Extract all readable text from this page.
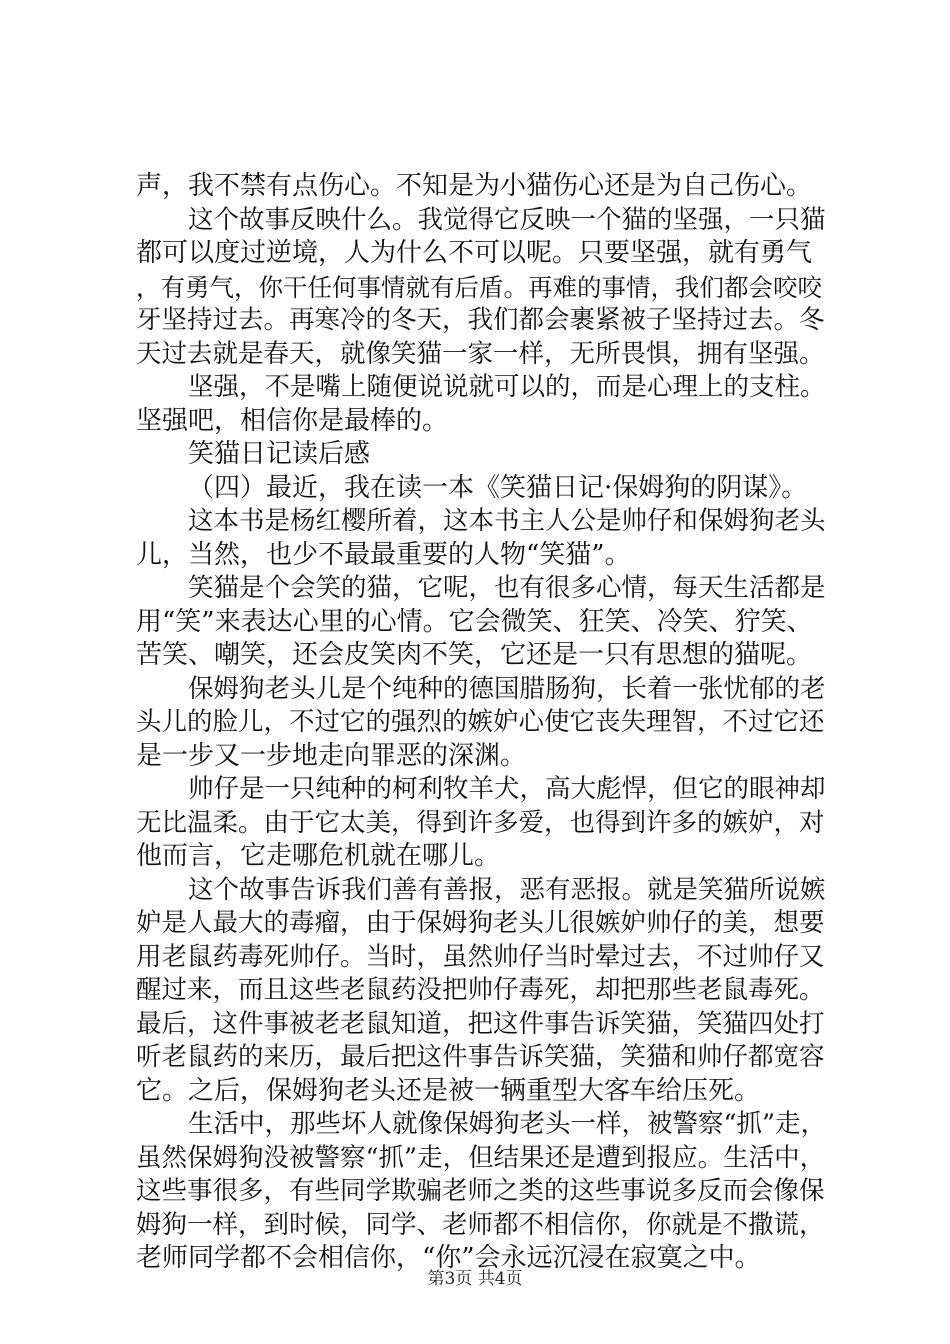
声，我不禁有点伤心。不知是为小猫伤心还是为自己伤心。
这个故事反映什么。我觉得它反映一个猫的坚强，一只猫
都可以度过逆境，人为什么不可以呢。只要坚强，就有勇气
，有勇气，你干任何事情就有后盾。再难的事情，我们都会咬咬
牙坚持过去。再寒冷的冬天，我们都会裹紧被子坚持过去。冬
天过去就是春天，就像笑猫一家一样，无所畏惧，拥有坚强。
坚强，不是嘴上随便说说就可以的，而是心理上的支柱。
坚强吧，相信你是最棒的。
笑猫日记读后感
（四）最近，我在读一本《笑猫日记·保姆狗的阴谋》。
这本书是杨红樱所着，这本书主人公是帅仔和保姆狗老头
儿，当然，也少不最最重要的人物“笑猫”。
笑猫是个会笑的猫，它呢，也有很多心情，每天生活都是
用“笑”来表达心里的心情。它会微笑、狂笑、冷笑、狞笑、
苦笑、嘲笑，还会皮笑肉不笑，它还是一只有思想的猫呢。
保姆狗老头儿是个纯种的德国腊肠狗，长着一张忧郁的老
头儿的脸儿，不过它的强烈的嫉妒心使它丧失理智，不过它还
是一步又一步地走向罪恶的深渊。
帅仔是一只纯种的柯利牧羊犬，高大彪悍，但它的眼神却
无比温柔。由于它太美，得到许多爱，也得到许多的嫉妒，对
他而言，它走哪危机就在哪儿。
这个故事告诉我们善有善报，恶有恶报。就是笑猫所说嫉
妒是人最大的毒瘤，由于保姆狗老头儿很嫉妒帅仔的美，想要
用老鼠药毒死帅仔。当时，虽然帅仔当时晕过去，不过帅仔又
醒过来，而且这些老鼠药没把帅仔毒死，却把那些老鼠毒死。
最后，这件事被老老鼠知道，把这件事告诉笑猫，笑猫四处打
听老鼠药的来历，最后把这件事告诉笑猫，笑猫和帅仔都宽容
它。之后，保姆狗老头还是被一辆重型大客车给压死。
生活中，那些坏人就像保姆狗老头一样，被警察“抓”走，
虽然保姆狗没被警察“抓”走，但结果还是遭到报应。生活中，
这些事很多，有些同学欺骗老师之类的这些事说多反而会像保
姆狗一样，到时候，同学、老师都不相信你，你就是不撒谎，
老师同学都不会相信你，“你”会永远沉浸在寂寞之中。
第3页 共4页
